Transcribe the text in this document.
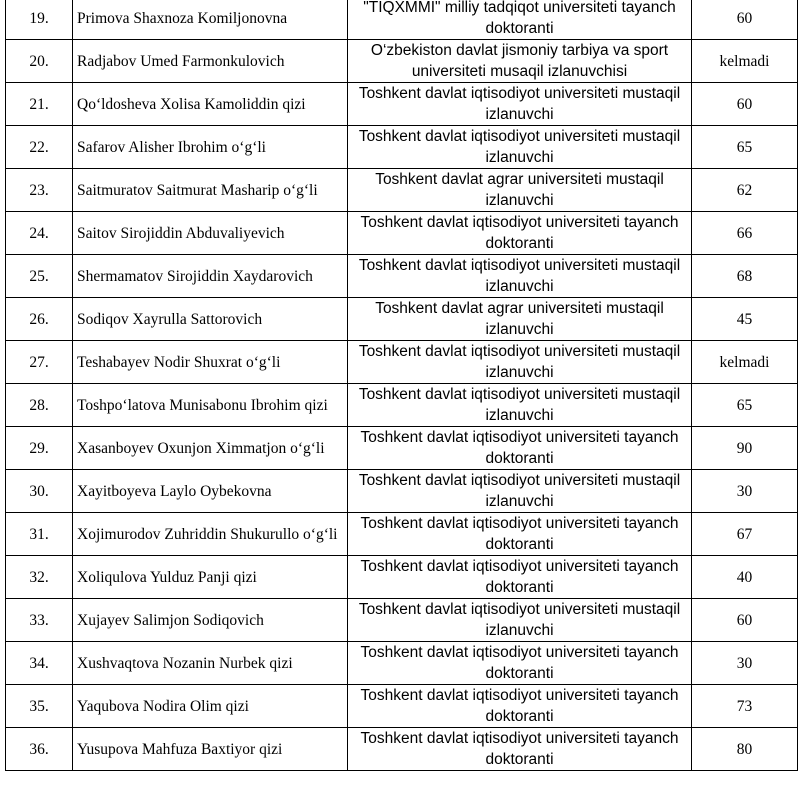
19.	Primova Shaxnoza Komiljonovna	"TIQXMMI" milliy tadqiqot universiteti tayanch doktoranti	60
20.	Radjabov Umed Farmonkulovich	O‘zbekiston davlat jismoniy tarbiya va sport universiteti musaqil izlanuvchisi	kelmadi
21.	Qo‘ldosheva Xolisa Kamoliddin qizi	Toshkent davlat iqtisodiyot universiteti mustaqil izlanuvchi	60
22.	Safarov Alisher Ibrohim o‘g‘li	Toshkent davlat iqtisodiyot universiteti mustaqil izlanuvchi	65
23.	Saitmuratov Saitmurat Masharip o‘g‘li	Toshkent davlat agrar universiteti mustaqil izlanuvchi	62
24.	Saitov Sirojiddin Abduvaliyevich	Toshkent davlat iqtisodiyot universiteti tayanch doktoranti	66
25.	Shermamatov Sirojiddin Xaydarovich	Toshkent davlat iqtisodiyot universiteti mustaqil izlanuvchi	68
26.	Sodiqov Xayrulla Sattorovich	Toshkent davlat agrar universiteti mustaqil izlanuvchi	45
27.	Teshabayev Nodir Shuxrat o‘g‘li	Toshkent davlat iqtisodiyot universiteti mustaqil izlanuvchi	kelmadi
28.	Toshpo‘latova Munisabonu Ibrohim qizi	Toshkent davlat iqtisodiyot universiteti mustaqil izlanuvchi	65
29.	Xasanboyev Oxunjon Ximmatjon o‘g‘li	Toshkent davlat iqtisodiyot universiteti tayanch doktoranti	90
30.	Xayitboyeva Laylo Oybekovna	Toshkent davlat iqtisodiyot universiteti mustaqil izlanuvchi	30
31.	Xojimurodov Zuhriddin Shukurullo o‘g‘li	Toshkent davlat iqtisodiyot universiteti tayanch doktoranti	67
32.	Xoliqulova Yulduz Panji qizi	Toshkent davlat iqtisodiyot universiteti tayanch doktoranti	40
33.	Xujayev Salimjon Sodiqovich	Toshkent davlat iqtisodiyot universiteti mustaqil izlanuvchi	60
34.	Xushvaqtova Nozanin Nurbek qizi	Toshkent davlat iqtisodiyot universiteti tayanch doktoranti	30
35.	Yaqubova Nodira Olim qizi	Toshkent davlat iqtisodiyot universiteti tayanch doktoranti	73
36.	Yusupova Mahfuza Baxtiyor qizi	Toshkent davlat iqtisodiyot universiteti tayanch doktoranti	80
